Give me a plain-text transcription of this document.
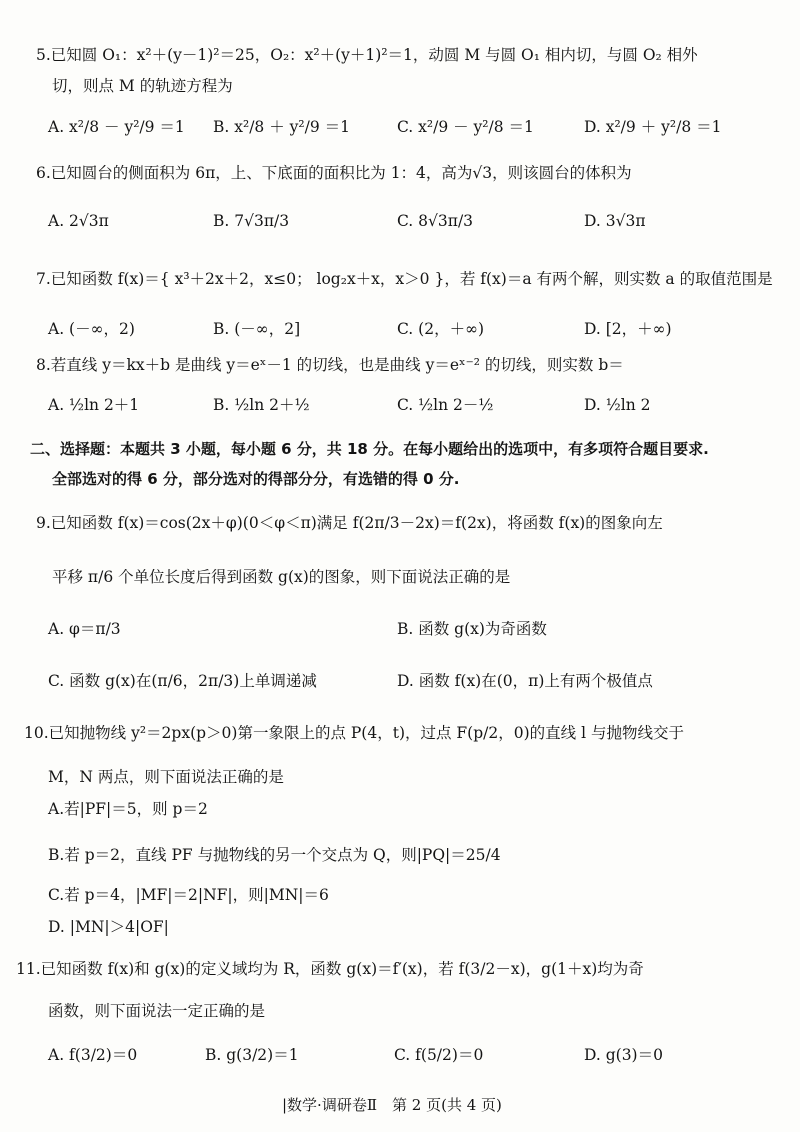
5.已知圆 O₁：x²＋(y－1)²＝25，O₂：x²＋(y＋1)²＝1，动圆 M 与圆 O₁ 相内切，与圆 O₂ 相外
切，则点 M 的轨迹方程为
A. x²/8 － y²/9 ＝1 B. x²/8 ＋ y²/9 ＝1	C. x²/9 － y²/8 ＝1	D. x²/9 ＋ y²/8 ＝1
6.已知圆台的侧面积为 6π，上、下底面的面积比为 1：4，高为√3，则该圆台的体积为
A. 2√3π	B. 7√3π/3	C. 8√3π/3	D. 3√3π
7.已知函数 f(x)＝{ x³＋2x＋2，x≤0； log₂x＋x，x＞0 }，若 f(x)＝a 有两个解，则实数 a 的取值范围是
A. (－∞，2)	B. (－∞，2]	C. (2，＋∞)	D. [2，＋∞)
8.若直线 y＝kx＋b 是曲线 y＝eˣ－1 的切线，也是曲线 y＝eˣ⁻² 的切线，则实数 b＝
A. ½ln 2＋1	B. ½ln 2＋½	C. ½ln 2－½	D. ½ln 2
二、选择题：本题共 3 小题，每小题 6 分，共 18 分。在每小题给出的选项中，有多项符合题目要求.
全部选对的得 6 分，部分选对的得部分分，有选错的得 0 分.
9.已知函数 f(x)＝cos(2x＋φ)(0＜φ＜π)满足 f(2π/3－2x)＝f(2x)，将函数 f(x)的图象向左
平移 π/6 个单位长度后得到函数 g(x)的图象，则下面说法正确的是
A. φ＝π/3	B. 函数 g(x)为奇函数
C. 函数 g(x)在(π/6，2π/3)上单调递减	D. 函数 f(x)在(0，π)上有两个极值点
10.已知抛物线 y²＝2px(p＞0)第一象限上的点 P(4，t)，过点 F(p/2，0)的直线 l 与抛物线交于
M，N 两点，则下面说法正确的是
A.若|PF|＝5，则 p＝2
B.若 p＝2，直线 PF 与抛物线的另一个交点为 Q，则|PQ|＝25/4
C.若 p＝4，|MF|＝2|NF|，则|MN|＝6
D. |MN|＞4|OF|
11.已知函数 f(x)和 g(x)的定义域均为 R，函数 g(x)＝f′(x)，若 f(3/2－x)，g(1＋x)均为奇
函数，则下面说法一定正确的是
A. f(3/2)＝0	B. g(3/2)＝1	C. f(5/2)＝0	D. g(3)＝0
|数学·调研卷Ⅱ　第 2 页(共 4 页)
